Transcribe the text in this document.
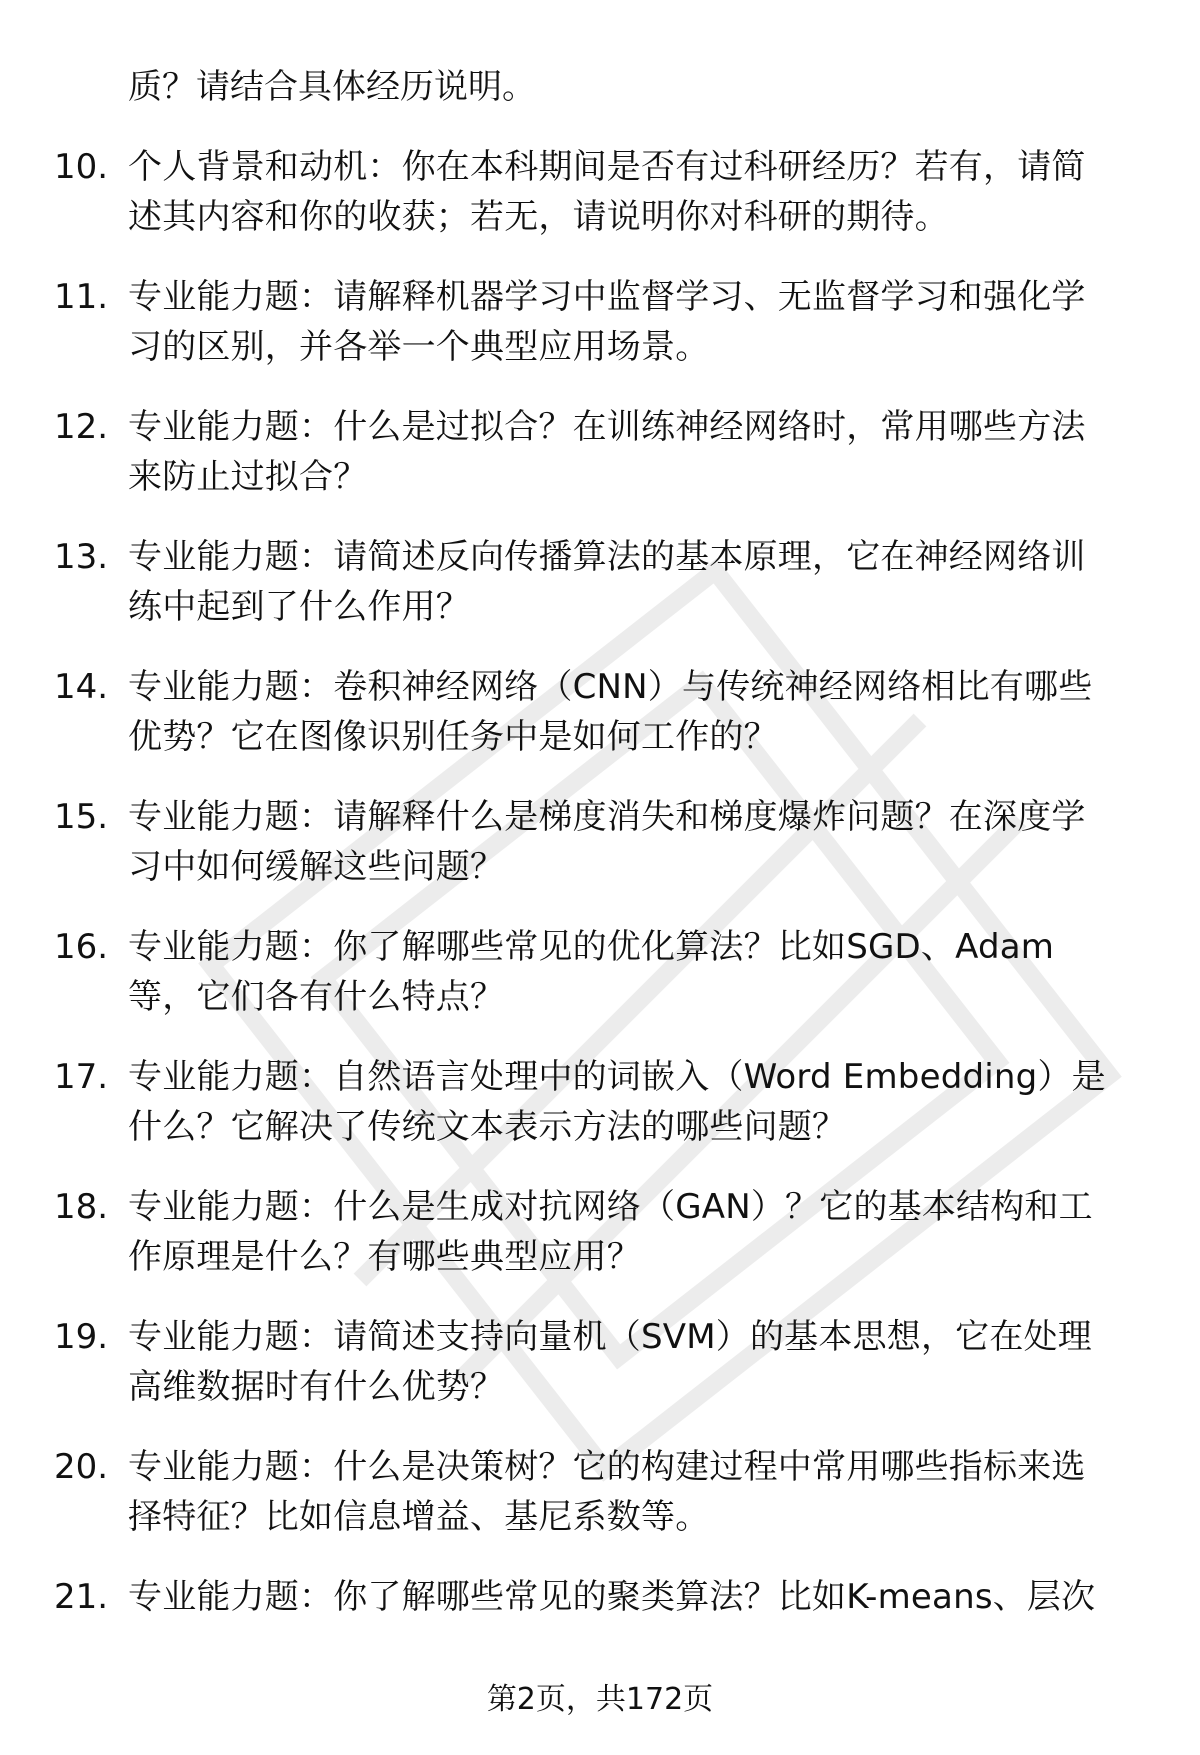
质？请结合具体经历说明。
10. 个人背景和动机：你在本科期间是否有过科研经历？若有，请简
述其内容和你的收获；若无，请说明你对科研的期待。
11. 专业能力题：请解释机器学习中监督学习、无监督学习和强化学
习的区别，并各举一个典型应用场景。
12. 专业能力题：什么是过拟合？在训练神经网络时，常用哪些方法
来防止过拟合？
13. 专业能力题：请简述反向传播算法的基本原理，它在神经网络训
练中起到了什么作用？
14. 专业能力题：卷积神经网络（CNN）与传统神经网络相比有哪些
优势？它在图像识别任务中是如何工作的？
15. 专业能力题：请解释什么是梯度消失和梯度爆炸问题？在深度学
习中如何缓解这些问题？
16. 专业能力题：你了解哪些常见的优化算法？比如SGD、Adam
等，它们各有什么特点？
17. 专业能力题：自然语言处理中的词嵌入（Word Embedding）是
什么？它解决了传统文本表示方法的哪些问题？
18. 专业能力题：什么是生成对抗网络（GAN）？它的基本结构和工
作原理是什么？有哪些典型应用？
19. 专业能力题：请简述支持向量机（SVM）的基本思想，它在处理
高维数据时有什么优势？
20. 专业能力题：什么是决策树？它的构建过程中常用哪些指标来选
择特征？比如信息增益、基尼系数等。
21. 专业能力题：你了解哪些常见的聚类算法？比如K-means、层次
第2页，共172页
